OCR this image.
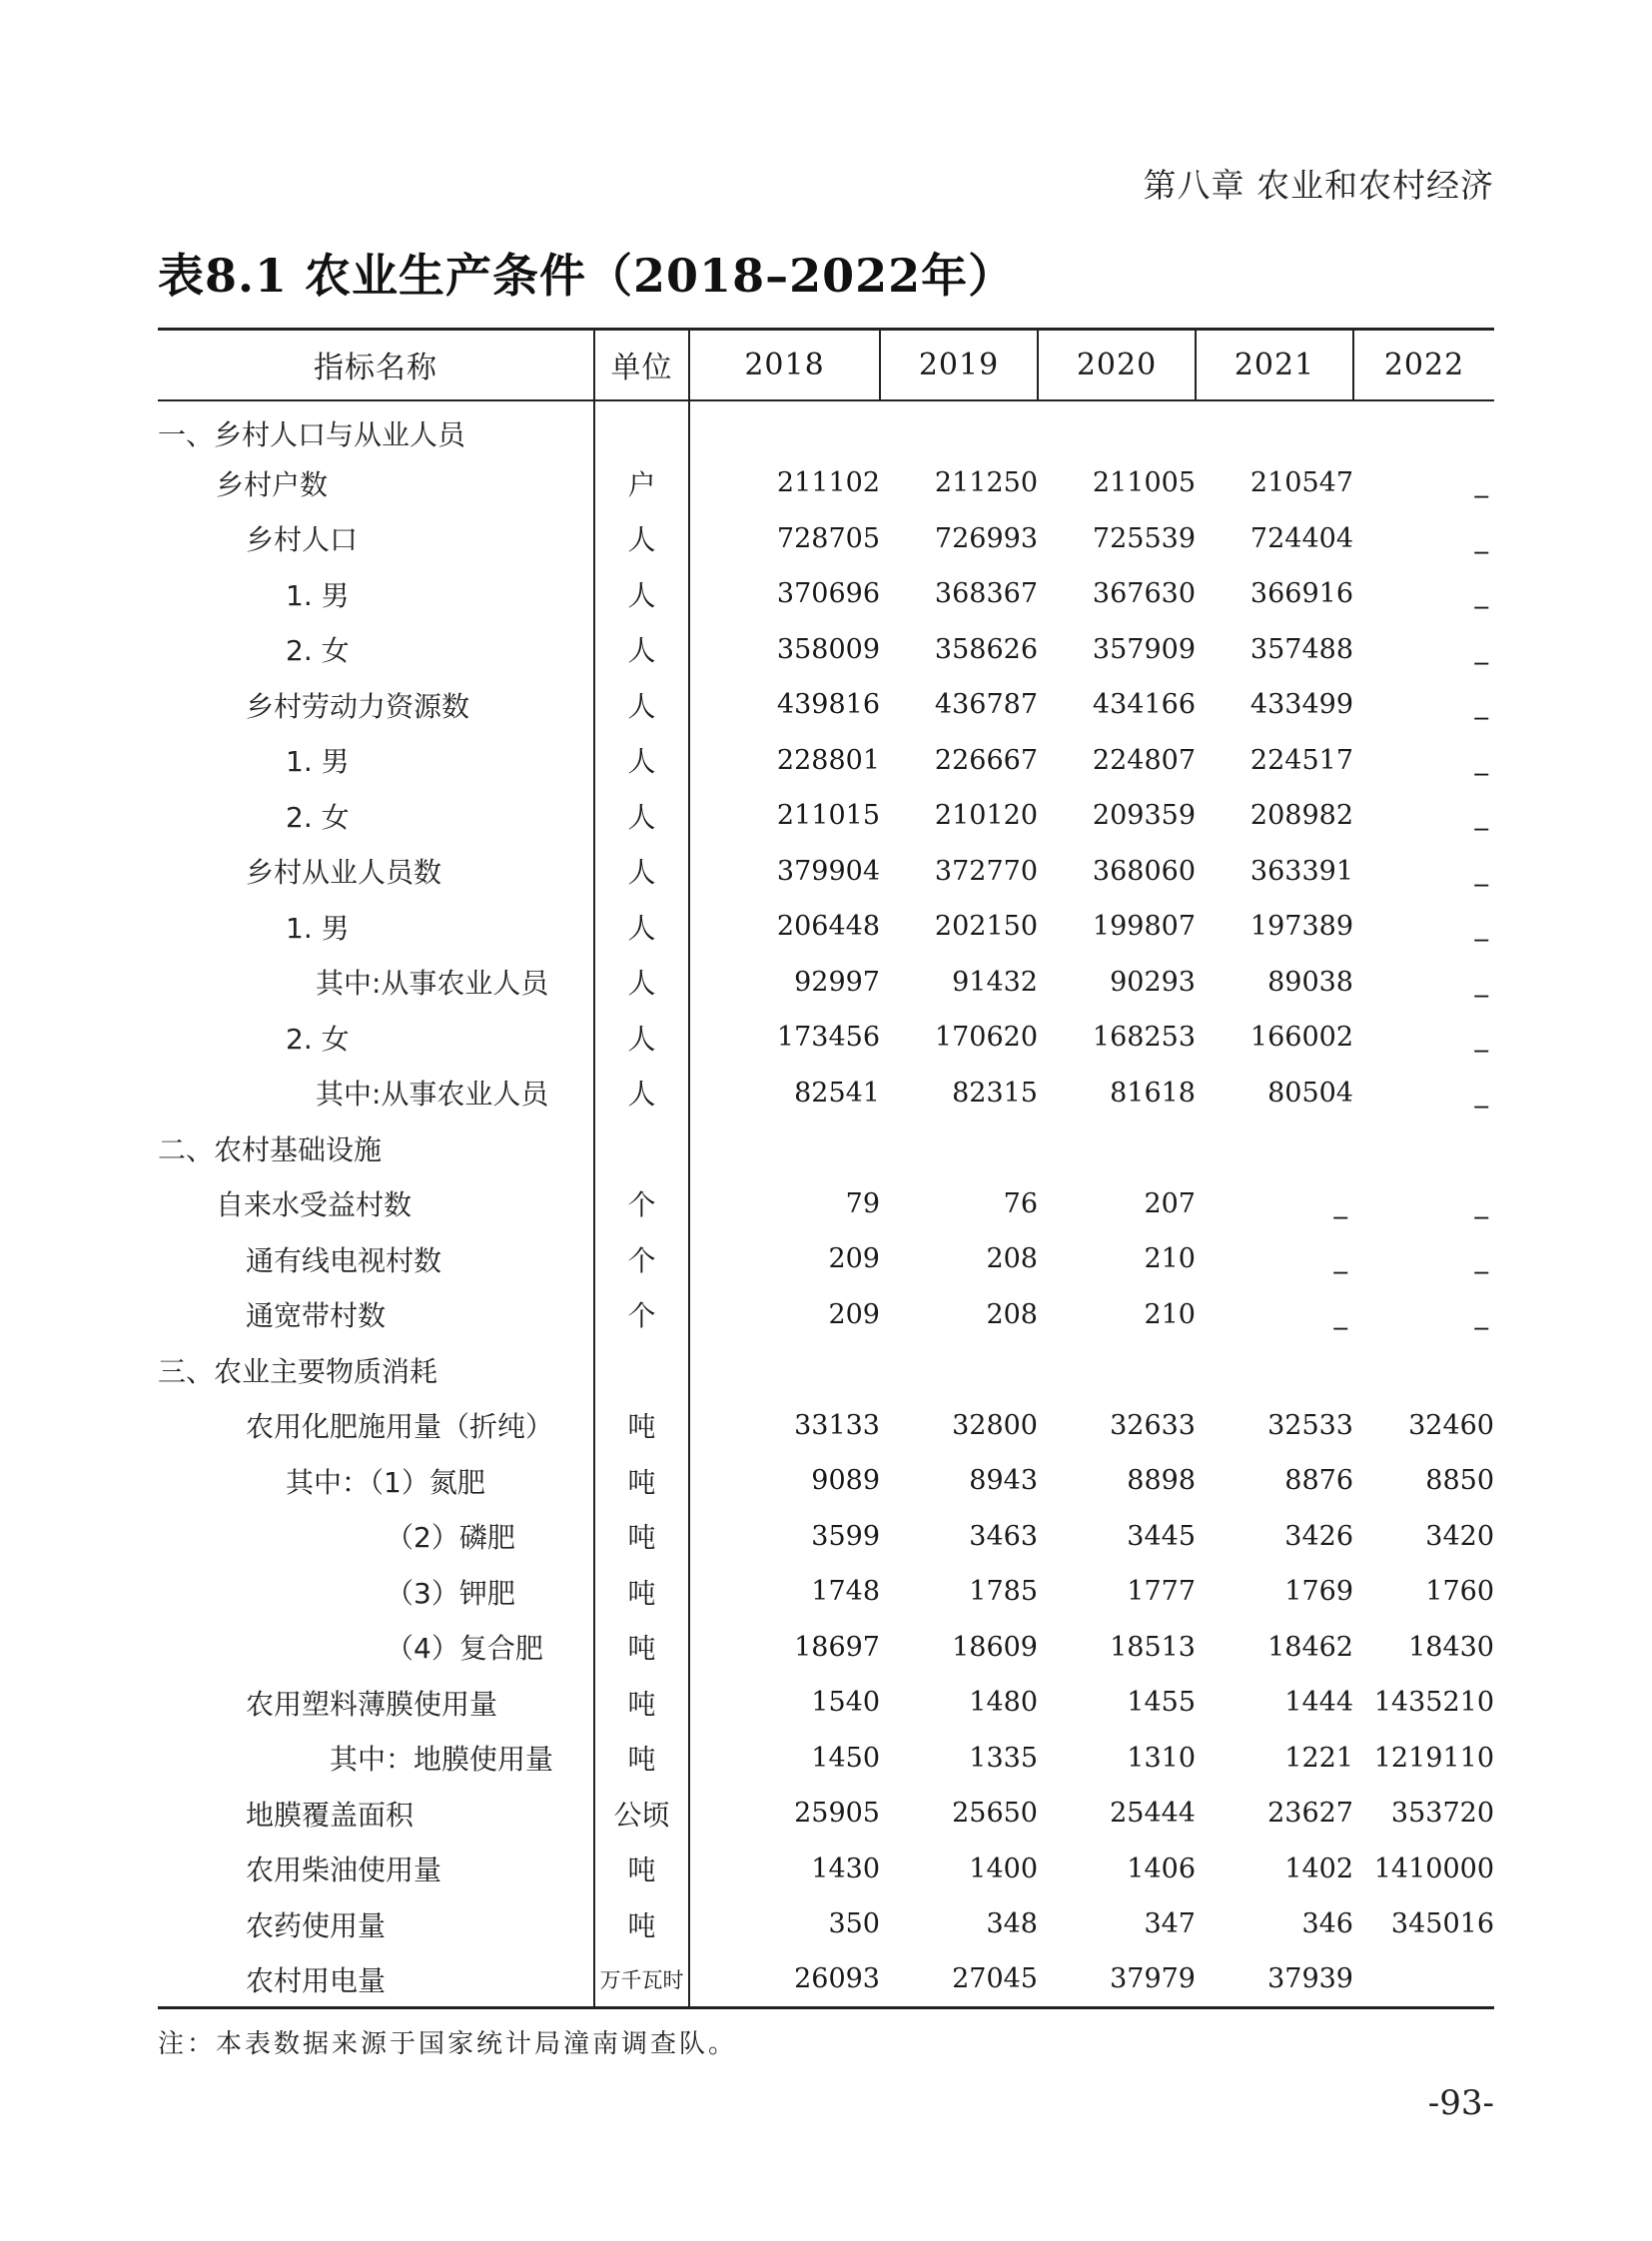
第八章 农业和农村经济
表8.1 农业生产条件（2018–2022年）
指标名称	单位	2018	2019	2020	2021	2022
一、乡村人口与从业人员						
乡村户数	户	211102	211250	211005	210547	_
乡村人口	人	728705	726993	725539	724404	_
1. 男	人	370696	368367	367630	366916	_
2. 女	人	358009	358626	357909	357488	_
乡村劳动力资源数	人	439816	436787	434166	433499	_
1. 男	人	228801	226667	224807	224517	_
2. 女	人	211015	210120	209359	208982	_
乡村从业人员数	人	379904	372770	368060	363391	_
1. 男	人	206448	202150	199807	197389	_
其中:从事农业人员	人	92997	91432	90293	89038	_
2. 女	人	173456	170620	168253	166002	_
其中:从事农业人员	人	82541	82315	81618	80504	_
二、农村基础设施						
自来水受益村数	个	79	76	207	_	_
通有线电视村数	个	209	208	210	_	_
通宽带村数	个	209	208	210	_	_
三、农业主要物质消耗						
农用化肥施用量（折纯）	吨	33133	32800	32633	32533	32460
其中：（1）氮肥	吨	9089	8943	8898	8876	8850
（2）磷肥	吨	3599	3463	3445	3426	3420
（3）钾肥	吨	1748	1785	1777	1769	1760
（4）复合肥	吨	18697	18609	18513	18462	18430
农用塑料薄膜使用量	吨	1540	1480	1455	1444	1435210
其中：地膜使用量	吨	1450	1335	1310	1221	1219110
地膜覆盖面积	公顷	25905	25650	25444	23627	353720
农用柴油使用量	吨	1430	1400	1406	1402	1410000
农药使用量	吨	350	348	347	346	345016
农村用电量	万千瓦时	26093	27045	37979	37939	
注：本表数据来源于国家统计局潼南调查队。
-93-
